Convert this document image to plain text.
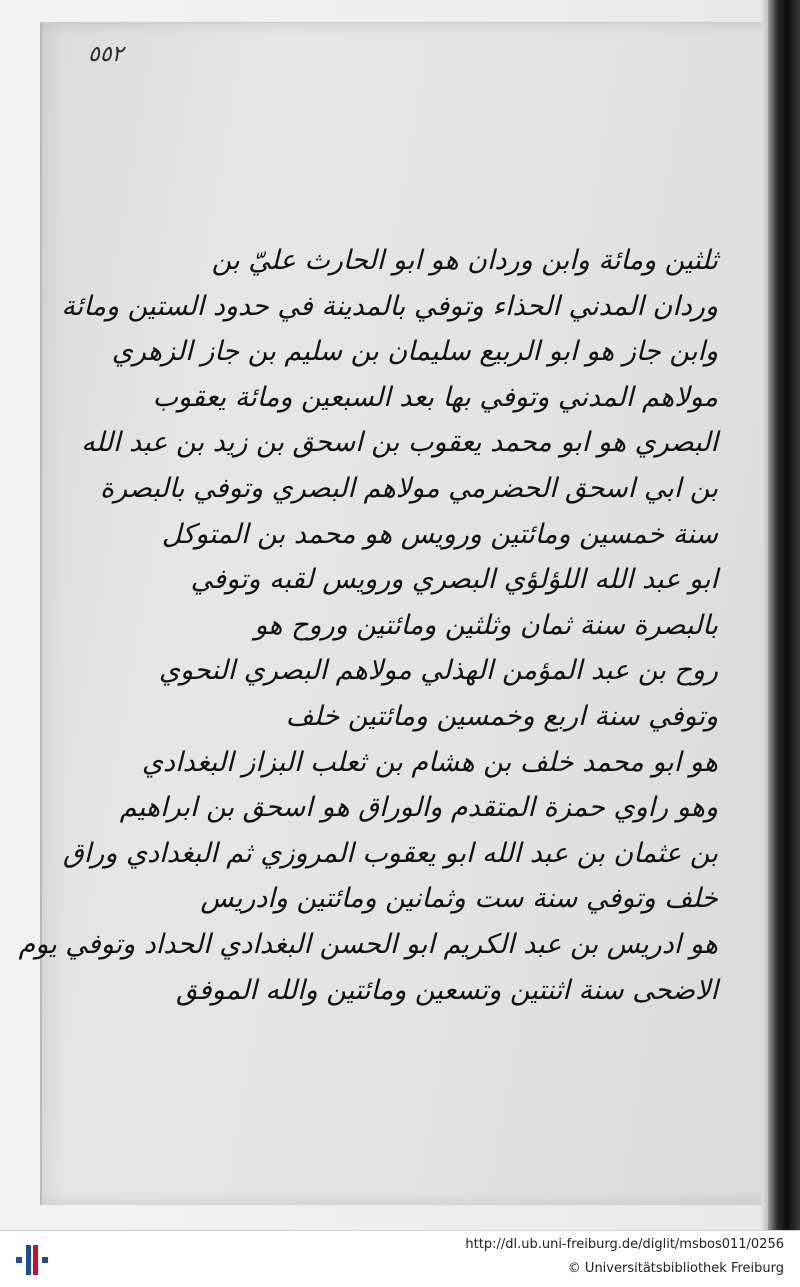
٢٥٥
ثلثين ومائة وابن وردان هو ابو الحارث عليّ بن
وردان المدني الحذاء وتوفي بالمدينة في حدود الستين ومائة
وابن جاز هو ابو الربيع سليمان بن سليم بن جاز الزهري
مولاهم المدني وتوفي بها بعد السبعين ومائة يعقوب
البصري هو ابو محمد يعقوب بن اسحق بن زيد بن عبد الله
بن ابي اسحق الحضرمي مولاهم البصري وتوفي بالبصرة
سنة خمسين ومائتين ورويس هو محمد بن المتوكل
ابو عبد الله اللؤلؤي البصري ورويس لقبه وتوفي
بالبصرة سنة ثمان وثلثين ومائتين وروح هو
روح بن عبد المؤمن الهذلي مولاهم البصري النحوي
وتوفي سنة اربع وخمسين ومائتين خلف
هو ابو محمد خلف بن هشام بن ثعلب البزاز البغدادي
وهو راوي حمزة المتقدم والوراق هو اسحق بن ابراهيم
بن عثمان بن عبد الله ابو يعقوب المروزي ثم البغدادي وراق
خلف وتوفي سنة ست وثمانين ومائتين وادريس
هو ادريس بن عبد الكريم ابو الحسن البغدادي الحداد وتوفي يوم
الاضحى سنة اثنتين وتسعين ومائتين والله الموفق
http://dl.ub.uni-freiburg.de/diglit/msbos011/0256
© Universitätsbibliothek Freiburg
